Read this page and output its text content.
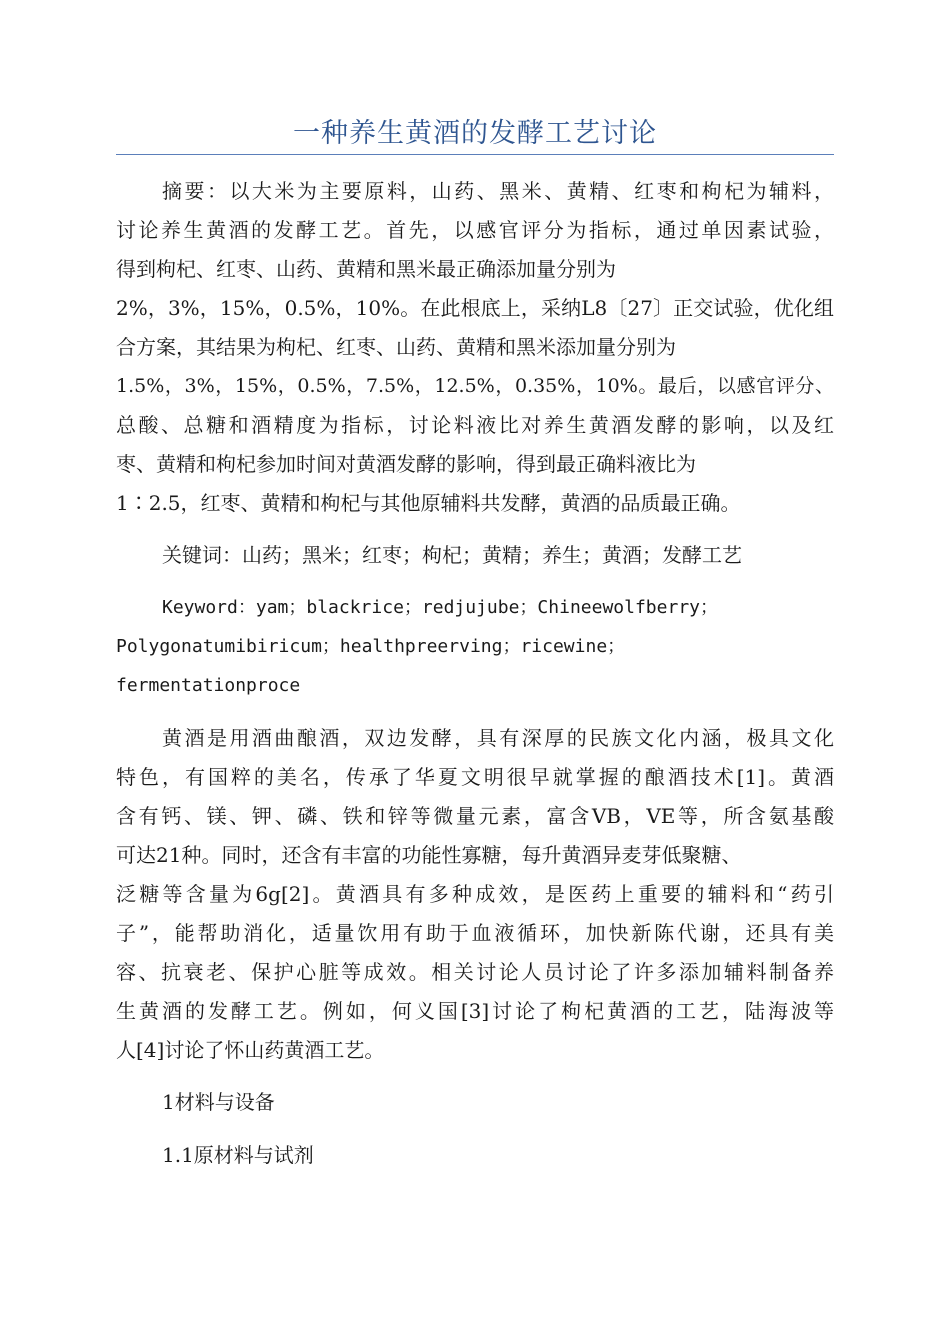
一种养生黄酒的发酵工艺讨论
摘要：以大米为主要原料，山药、黑米、黄精、红枣和枸杞为辅料，
讨论养生黄酒的发酵工艺。首先，以感官评分为指标，通过单因素试验，
得到枸杞、红枣、山药、黄精和黑米最正确添加量分别为
2%，3%，15%，0.5%，10%。在此根底上，采纳L8〔27〕正交试验，优化组
合方案，其结果为枸杞、红枣、山药、黄精和黑米添加量分别为
1.5%，3%，15%，0.5%，7.5%，12.5%，0.35%，10%。最后，以感官评分、
总酸、总糖和酒精度为指标，讨论料液比对养生黄酒发酵的影响，以及红
枣、黄精和枸杞参加时间对黄酒发酵的影响，得到最正确料液比为
1∶2.5，红枣、黄精和枸杞与其他原辅料共发酵，黄酒的品质最正确。
关键词：山药；黑米；红枣；枸杞；黄精；养生；黄酒；发酵工艺
Keyword：yam；blackrice；redjujube；Chineewolfberry；
Polygonatumibiricum；healthpreerving；ricewine；
fermentationproce
黄酒是用酒曲酿酒，双边发酵，具有深厚的民族文化内涵，极具文化
特色，有国粹的美名，传承了华夏文明很早就掌握的酿酒技术[1]。黄酒
含有钙、镁、钾、磷、铁和锌等微量元素，富含VB，VE等，所含氨基酸
可达21种。同时，还含有丰富的功能性寡糖，每升黄酒异麦芽低聚糖、
泛糖等含量为6g[2]。黄酒具有多种成效，是医药上重要的辅料和“药引
子”，能帮助消化，适量饮用有助于血液循环，加快新陈代谢，还具有美
容、抗衰老、保护心脏等成效。相关讨论人员讨论了许多添加辅料制备养
生黄酒的发酵工艺。例如，何义国[3]讨论了枸杞黄酒的工艺，陆海波等
人[4]讨论了怀山药黄酒工艺。
1材料与设备
1.1原材料与试剂
